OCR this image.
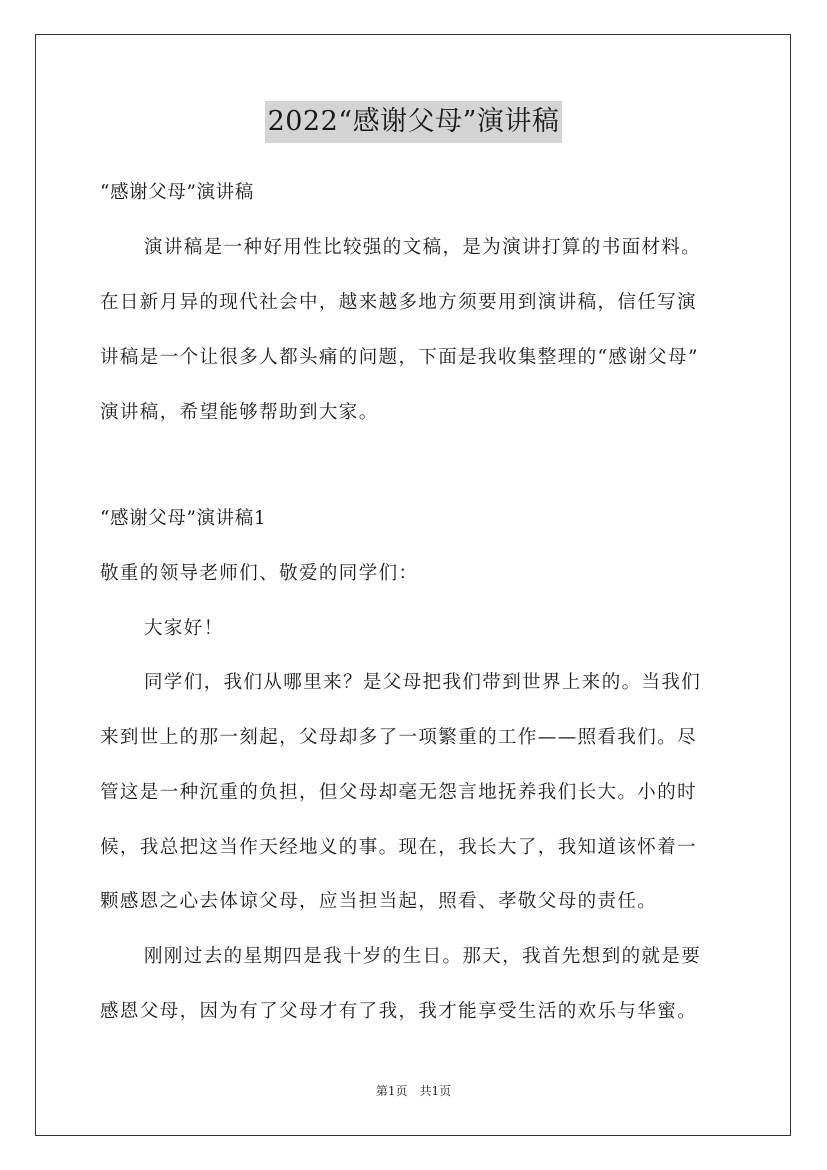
2022“感谢父母”演讲稿
“感谢父母”演讲稿
演讲稿是一种好用性比较强的文稿，是为演讲打算的书面材料。
在日新月异的现代社会中，越来越多地方须要用到演讲稿，信任写演
讲稿是一个让很多人都头痛的问题，下面是我收集整理的“感谢父母”
演讲稿，希望能够帮助到大家。
“感谢父母”演讲稿1
敬重的领导老师们、敬爱的同学们：
大家好！
同学们，我们从哪里来？是父母把我们带到世界上来的。当我们
来到世上的那一刻起，父母却多了一项繁重的工作——照看我们。尽
管这是一种沉重的负担，但父母却毫无怨言地抚养我们长大。小的时
候，我总把这当作天经地义的事。现在，我长大了，我知道该怀着一
颗感恩之心去体谅父母，应当担当起，照看、孝敬父母的责任。
刚刚过去的星期四是我十岁的生日。那天，我首先想到的就是要
感恩父母，因为有了父母才有了我，我才能享受生活的欢乐与华蜜。
第1页　共1页
